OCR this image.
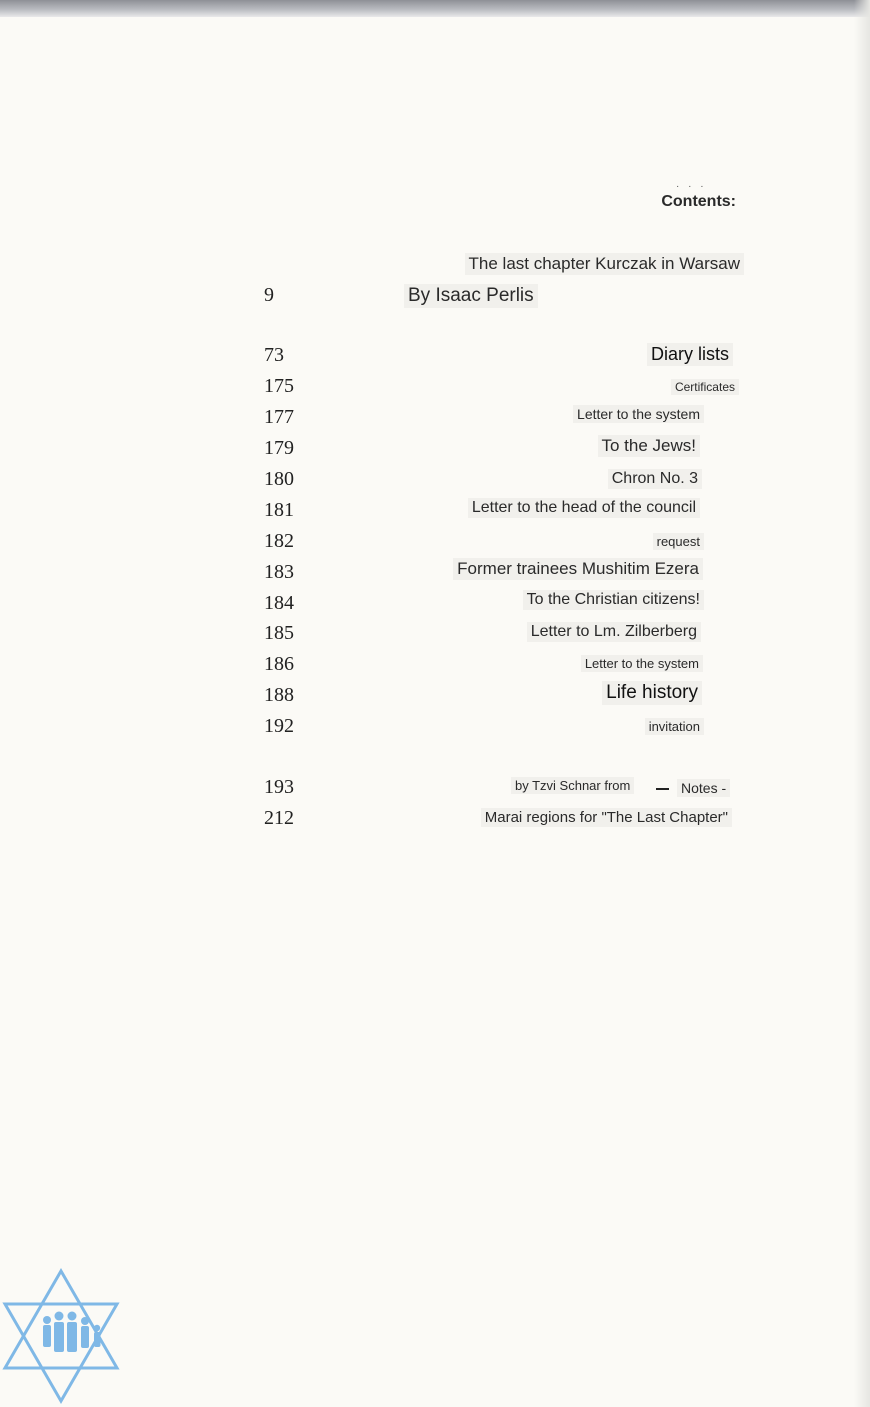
· · ·
Contents:
The last chapter Kurczak in Warsaw
9	By Isaac Perlis
73	Diary lists
175	Certificates
177	Letter to the system
179	To the Jews!
180	Chron No. 3
181	Letter to the head of the council
182	request
183	Former trainees Mushitim Ezera
184	To the Christian citizens!
185	Letter to Lm. Zilberberg
186	Letter to the system
188	Life history
192	invitation
193	by Tzvi Schnar from	Notes -
212	Marai regions for "The Last Chapter"
